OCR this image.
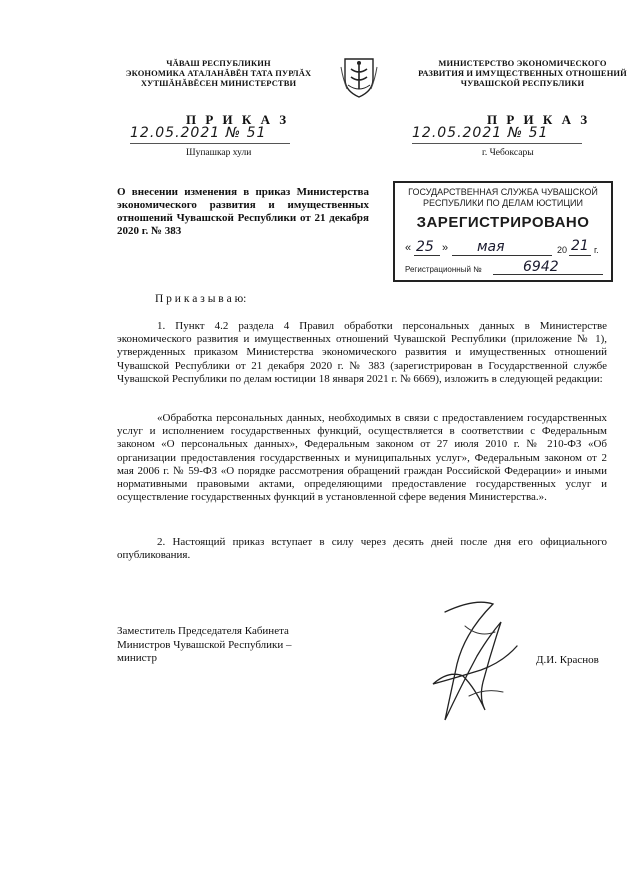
ЧĂВАШ РЕСПУБЛИКИН
ЭКОНОМИКА АТАЛАНĂВĔН ТАТА ПУРЛĂХ
ХУТШĂНĂВĔСЕН МИНИСТЕРСТВИ
МИНИСТЕРСТВО ЭКОНОМИЧЕСКОГО
РАЗВИТИЯ И ИМУЩЕСТВЕННЫХ ОТНОШЕНИЙ
ЧУВАШСКОЙ РЕСПУБЛИКИ
П Р И К А З
12.05.2021 № 51
Шупашкар хули
П Р И К А З
12.05.2021 № 51
г. Чебоксары
О внесении изменения в приказ Министерства экономического развития и имущественных отношений Чувашской Республики от 21 декабря 2020 г. № 383
ГОСУДАРСТВЕННАЯ СЛУЖБА ЧУВАШСКОЙ
РЕСПУБЛИКИ ПО ДЕЛАМ ЮСТИЦИИ
ЗАРЕГИСТРИРОВАНО
« 25 » мая	20 21 г.
Регистрационный №	6942
П р и к а з ы в а ю:
1. Пункт 4.2 раздела 4 Правил обработки персональных данных в Министерстве экономического развития и имущественных отношений Чувашской Республики (приложение № 1), утвержденных приказом Министерства экономического развития и имущественных отношений Чувашской Республики от 21 декабря 2020 г. № 383 (зарегистрирован в Государственной службе Чувашской Республики по делам юстиции 18 января 2021 г. № 6669), изложить в следующей редакции:
«Обработка персональных данных, необходимых в связи с предоставлением государственных услуг и исполнением государственных функций, осуществляется в соответствии с Федеральным законом «О персональных данных», Федеральным законом от 27 июля 2010 г. № 210-ФЗ «Об организации предоставления государственных и муниципальных услуг», Федеральным законом от 2 мая 2006 г. № 59-ФЗ «О порядке рассмотрения обращений граждан Российской Федерации» и иными нормативными правовыми актами, определяющими предоставление государственных услуг и осуществление государственных функций в установленной сфере ведения Министерства.».
2. Настоящий приказ вступает в силу через десять дней после дня его официального опубликования.
Заместитель Председателя Кабинета
Министров Чувашской Республики –
министр	Д.И. Краснов
